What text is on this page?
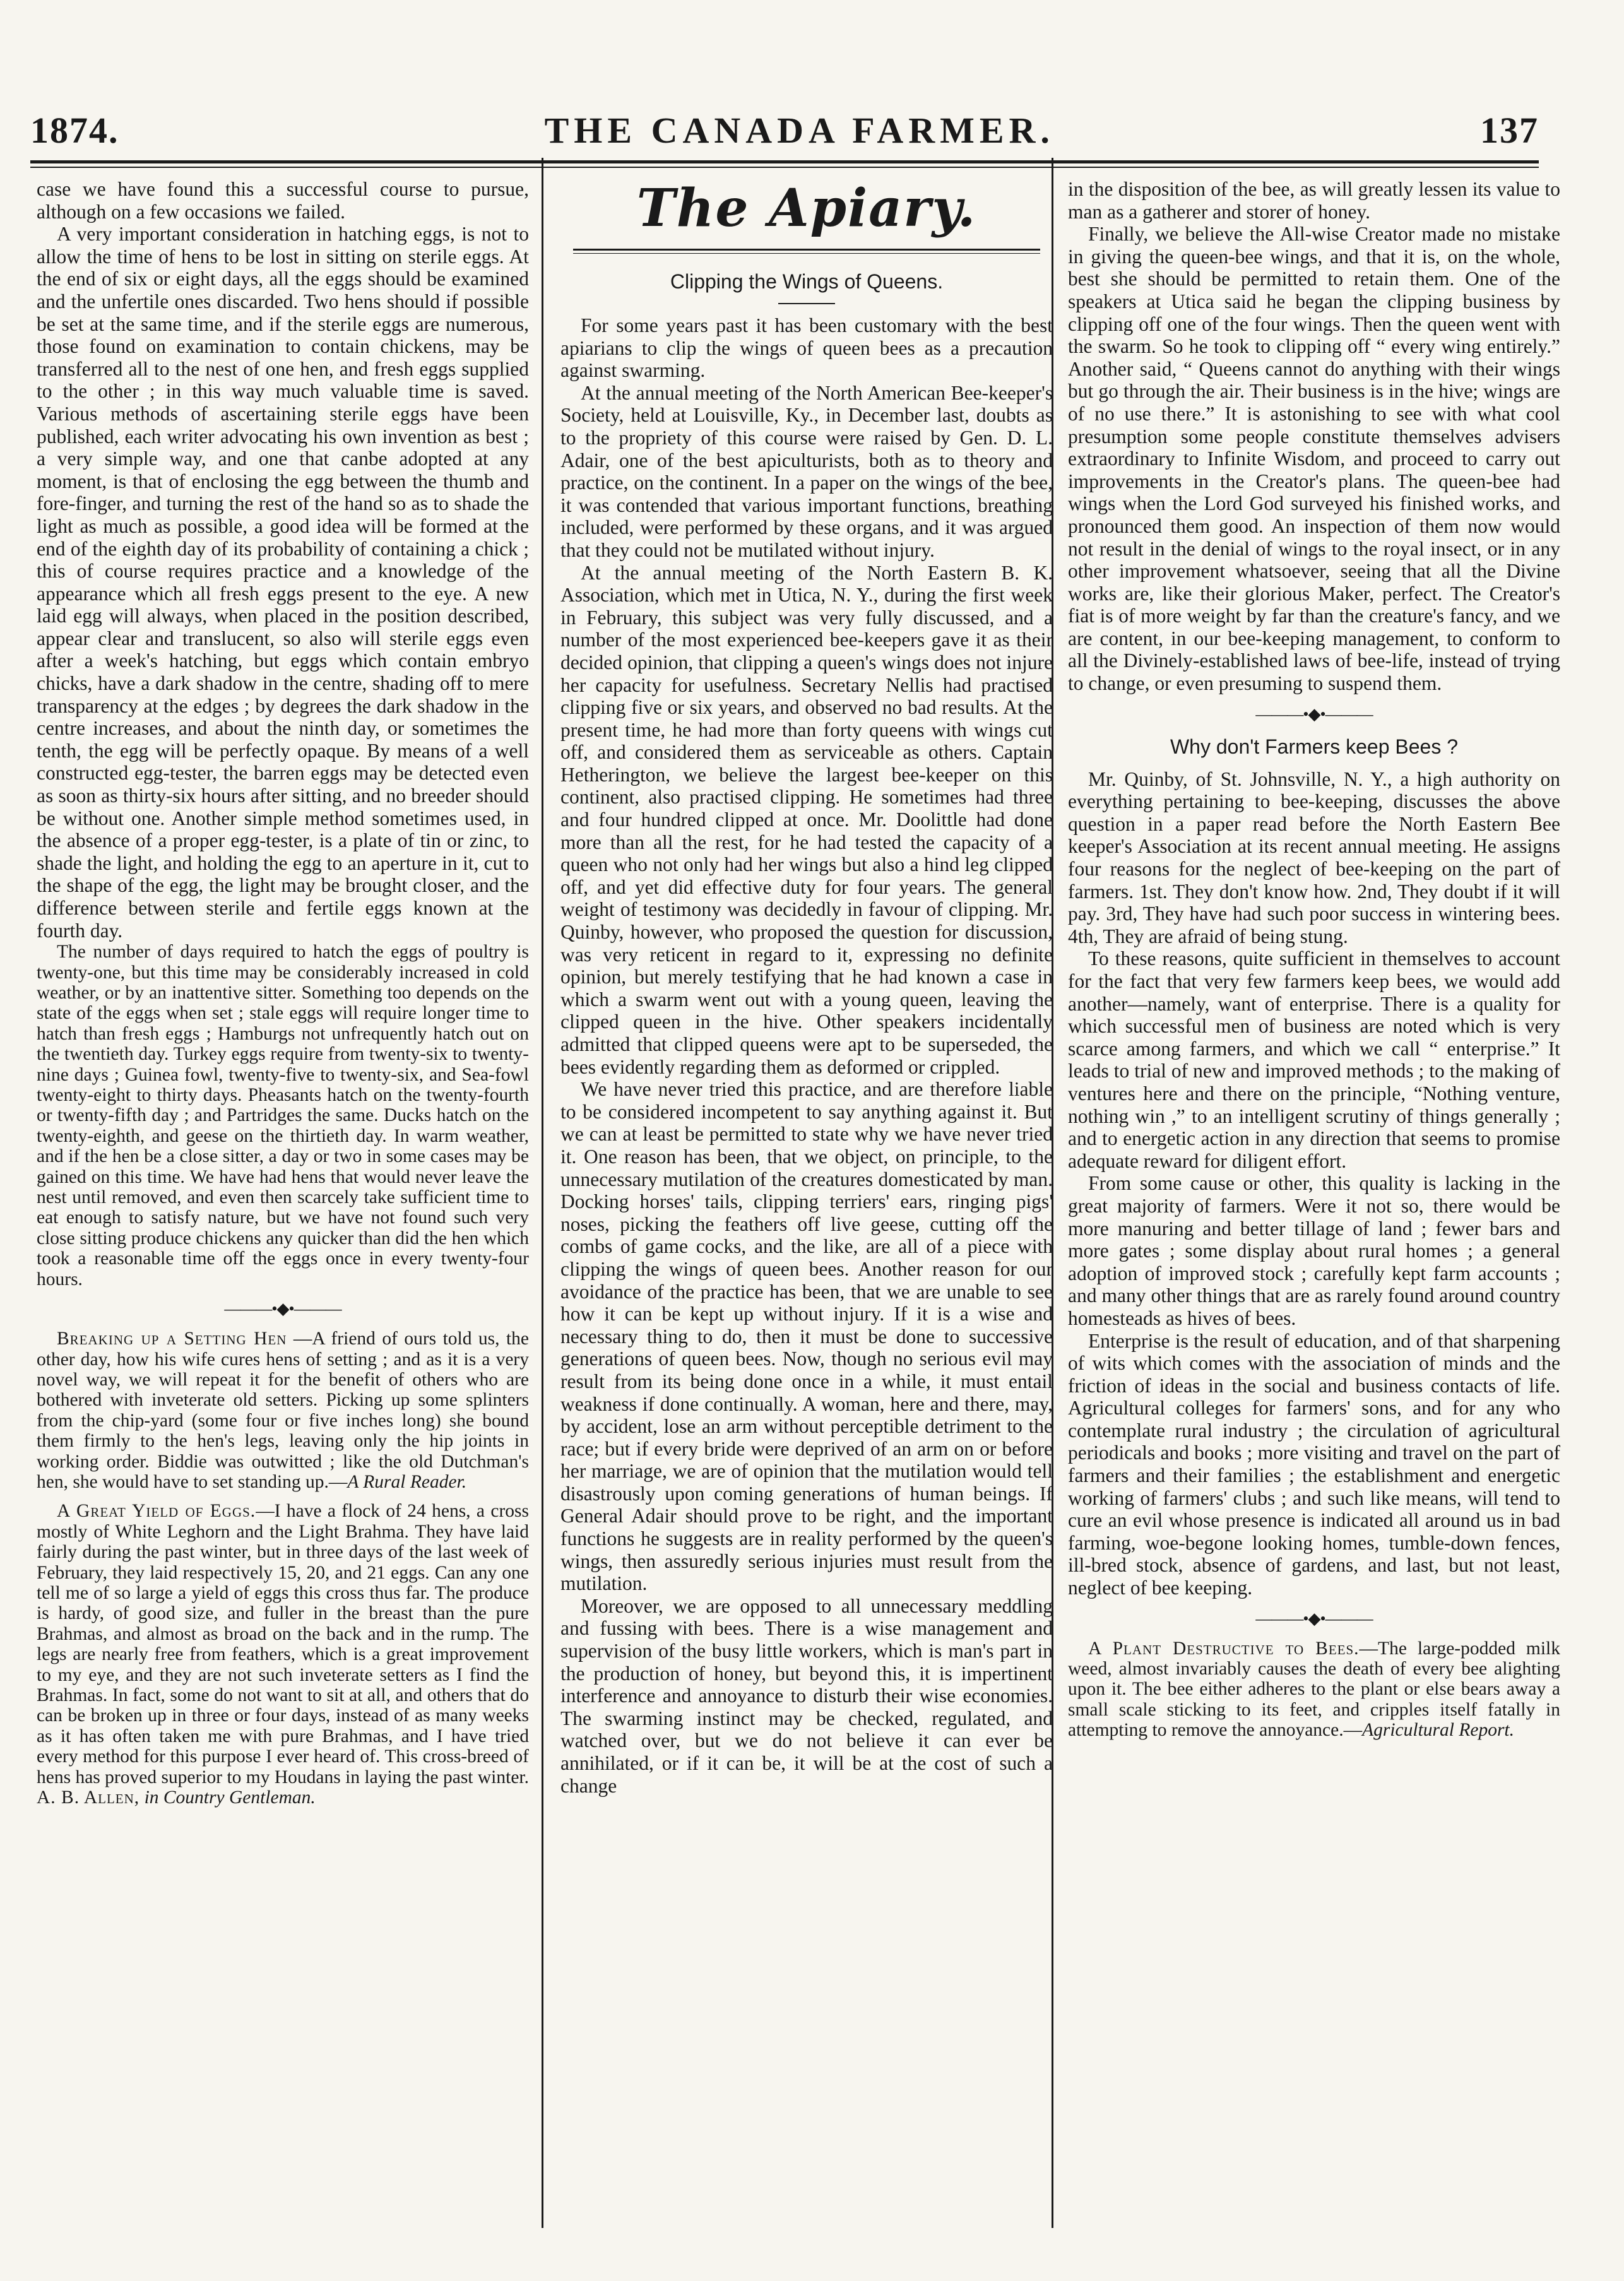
1874.	THE CANADA FARMER.	137

case we have found this a successful course to pursue, although on a few occasions we failed.

A very important consideration in hatching eggs, is not to allow the time of hens to be lost in sitting on sterile eggs. At the end of six or eight days, all the eggs should be examined and the unfertile ones discarded. Two hens should if possible be set at the same time, and if the sterile eggs are numerous, those found on examination to contain chickens, may be transferred all to the nest of one hen, and fresh eggs supplied to the other ; in this way much valuable time is saved. Various methods of ascertaining sterile eggs have been published, each writer advocating his own invention as best ; a very simple way, and one that canbe adopted at any moment, is that of enclosing the egg between the thumb and fore-finger, and turning the rest of the hand so as to shade the light as much as possible, a good idea will be formed at the end of the eighth day of its probability of containing a chick ; this of course requires practice and a knowledge of the appearance which all fresh eggs present to the eye. A new laid egg will always, when placed in the position described, appear clear and translucent, so also will sterile eggs even after a week's hatching, but eggs which contain embryo chicks, have a dark shadow in the centre, shading off to mere transparency at the edges ; by degrees the dark shadow in the centre increases, and about the ninth day, or sometimes the tenth, the egg will be perfectly opaque. By means of a well constructed egg-tester, the barren eggs may be detected even as soon as thirty-six hours after sitting, and no breeder should be without one. Another simple method sometimes used, in the absence of a proper egg-tester, is a plate of tin or zinc, to shade the light, and holding the egg to an aperture in it, cut to the shape of the egg, the light may be brought closer, and the difference between sterile and fertile eggs known at the fourth day.

The number of days required to hatch the eggs of poultry is twenty-one, but this time may be considerably increased in cold weather, or by an inattentive sitter. Something too depends on the state of the eggs when set ; stale eggs will require longer time to hatch than fresh eggs ; Hamburgs not unfrequently hatch out on the twentieth day. Turkey eggs require from twenty-six to twenty-nine days ; Guinea fowl, twenty-five to twenty-six, and Sea-fowl twenty-eight to thirty days. Pheasants hatch on the twenty-fourth or twenty-fifth day ; and Partridges the same. Ducks hatch on the twenty-eighth, and geese on the thirtieth day. In warm weather, and if the hen be a close sitter, a day or two in some cases may be gained on this time. We have had hens that would never leave the nest until removed, and even then scarcely take sufficient time to eat enough to satisfy nature, but we have not found such very close sitting produce chickens any quicker than did the hen which took a reasonable time off the eggs once in every twenty-four hours.

———•◆•———

Breaking up a Setting Hen —A friend of ours told us, the other day, how his wife cures hens of setting ; and as it is a very novel way, we will repeat it for the benefit of others who are bothered with inveterate old setters. Picking up some splinters from the chip-yard (some four or five inches long) she bound them firmly to the hen's legs, leaving only the hip joints in working order. Biddie was outwitted ; like the old Dutchman's hen, she would have to set standing up.—A Rural Reader.

A Great Yield of Eggs.—I have a flock of 24 hens, a cross mostly of White Leghorn and the Light Brahma. They have laid fairly during the past winter, but in three days of the last week of February, they laid respectively 15, 20, and 21 eggs. Can any one tell me of so large a yield of eggs this cross thus far. The produce is hardy, of good size, and fuller in the breast than the pure Brahmas, and almost as broad on the back and in the rump. The legs are nearly free from feathers, which is a great improvement to my eye, and they are not such inveterate setters as I find the Brahmas. In fact, some do not want to sit at all, and others that do can be broken up in three or four days, instead of as many weeks as it has often taken me with pure Brahmas, and I have tried every method for this purpose I ever heard of. This cross-breed of hens has proved superior to my Houdans in laying the past winter.

A. B. Allen, in Country Gentleman.

The Apiary.
Clipping the Wings of Queens.

For some years past it has been customary with the best apiarians to clip the wings of queen bees as a precaution against swarming.

At the annual meeting of the North American Bee-keeper's Society, held at Louisville, Ky., in December last, doubts as to the propriety of this course were raised by Gen. D. L. Adair, one of the best apiculturists, both as to theory and practice, on the continent. In a paper on the wings of the bee, it was contended that various important functions, breathing included, were performed by these organs, and it was argued that they could not be mutilated without injury.

At the annual meeting of the North Eastern B. K. Association, which met in Utica, N. Y., during the first week in February, this subject was very fully discussed, and a number of the most experienced bee-keepers gave it as their decided opinion, that clipping a queen's wings does not injure her capacity for usefulness. Secretary Nellis had practised clipping five or six years, and observed no bad results. At the present time, he had more than forty queens with wings cut off, and considered them as serviceable as others. Captain Hetherington, we believe the largest bee-keeper on this continent, also practised clipping. He sometimes had three and four hundred clipped at once. Mr. Doolittle had done more than all the rest, for he had tested the capacity of a queen who not only had her wings but also a hind leg clipped off, and yet did effective duty for four years. The general weight of testimony was decidedly in favour of clipping. Mr. Quinby, however, who proposed the question for discussion, was very reticent in regard to it, expressing no definite opinion, but merely testifying that he had known a case in which a swarm went out with a young queen, leaving the clipped queen in the hive. Other speakers incidentally admitted that clipped queens were apt to be superseded, the bees evidently regarding them as deformed or crippled.

We have never tried this practice, and are therefore liable to be considered incompetent to say anything against it. But we can at least be permitted to state why we have never tried it. One reason has been, that we object, on principle, to the unnecessary mutilation of the creatures domesticated by man. Docking horses' tails, clipping terriers' ears, ringing pigs' noses, picking the feathers off live geese, cutting off the combs of game cocks, and the like, are all of a piece with clipping the wings of queen bees. Another reason for our avoidance of the practice has been, that we are unable to see how it can be kept up without injury. If it is a wise and necessary thing to do, then it must be done to successive generations of queen bees. Now, though no serious evil may result from its being done once in a while, it must entail weakness if done continually. A woman, here and there, may, by accident, lose an arm without perceptible detriment to the race; but if every bride were deprived of an arm on or before her marriage, we are of opinion that the mutilation would tell disastrously upon coming generations of human beings. If General Adair should prove to be right, and the important functions he suggests are in reality performed by the queen's wings, then assuredly serious injuries must result from the mutilation.

Moreover, we are opposed to all unnecessary meddling and fussing with bees. There is a wise management and supervision of the busy little workers, which is man's part in the production of honey, but beyond this, it is impertinent interference and annoyance to disturb their wise economies. The swarming instinct may be checked, regulated, and watched over, but we do not believe it can ever be annihilated, or if it can be, it will be at the cost of such a change

in the disposition of the bee, as will greatly lessen its value to man as a gatherer and storer of honey.

Finally, we believe the All-wise Creator made no mistake in giving the queen-bee wings, and that it is, on the whole, best she should be permitted to retain them. One of the speakers at Utica said he began the clipping business by clipping off one of the four wings. Then the queen went with the swarm. So he took to clipping off “ every wing entirely.” Another said, “ Queens cannot do anything with their wings but go through the air. Their business is in the hive; wings are of no use there.” It is astonishing to see with what cool presumption some people constitute themselves advisers extraordinary to Infinite Wisdom, and proceed to carry out improvements in the Creator's plans. The queen-bee had wings when the Lord God surveyed his finished works, and pronounced them good. An inspection of them now would not result in the denial of wings to the royal insect, or in any other improvement whatsoever, seeing that all the Divine works are, like their glorious Maker, perfect. The Creator's fiat is of more weight by far than the creature's fancy, and we are content, in our bee-keeping management, to conform to all the Divinely-established laws of bee-life, instead of trying to change, or even presuming to suspend them.

———•◆•———
Why don't Farmers keep Bees ?

Mr. Quinby, of St. Johnsville, N. Y., a high authority on everything pertaining to bee-keeping, discusses the above question in a paper read before the North Eastern Bee keeper's Association at its recent annual meeting. He assigns four reasons for the neglect of bee-keeping on the part of farmers. 1st. They don't know how. 2nd, They doubt if it will pay. 3rd, They have had such poor success in wintering bees. 4th, They are afraid of being stung.

To these reasons, quite sufficient in themselves to account for the fact that very few farmers keep bees, we would add another—namely, want of enterprise. There is a quality for which successful men of business are noted which is very scarce among farmers, and which we call “ enterprise.” It leads to trial of new and improved methods ; to the making of ventures here and there on the principle, “Nothing venture, nothing win ,” to an intelligent scrutiny of things generally ; and to energetic action in any direction that seems to promise adequate reward for diligent effort.

From some cause or other, this quality is lacking in the great majority of farmers. Were it not so, there would be more manuring and better tillage of land ; fewer bars and more gates ; some display about rural homes ; a general adoption of improved stock ; carefully kept farm accounts ; and many other things that are as rarely found around country homesteads as hives of bees.

Enterprise is the result of education, and of that sharpening of wits which comes with the association of minds and the friction of ideas in the social and business contacts of life. Agricultural colleges for farmers' sons, and for any who contemplate rural industry ; the circulation of agricultural periodicals and books ; more visiting and travel on the part of farmers and their families ; the establishment and energetic working of farmers' clubs ; and such like means, will tend to cure an evil whose presence is indicated all around us in bad farming, woe-begone looking homes, tumble-down fences, ill-bred stock, absence of gardens, and last, but not least, neglect of bee keeping.

———•◆•———

A Plant Destructive to Bees.—The large-podded milk weed, almost invariably causes the death of every bee alighting upon it. The bee either adheres to the plant or else bears away a small scale sticking to its feet, and cripples itself fatally in attempting to remove the annoyance.—Agricultural Report.
